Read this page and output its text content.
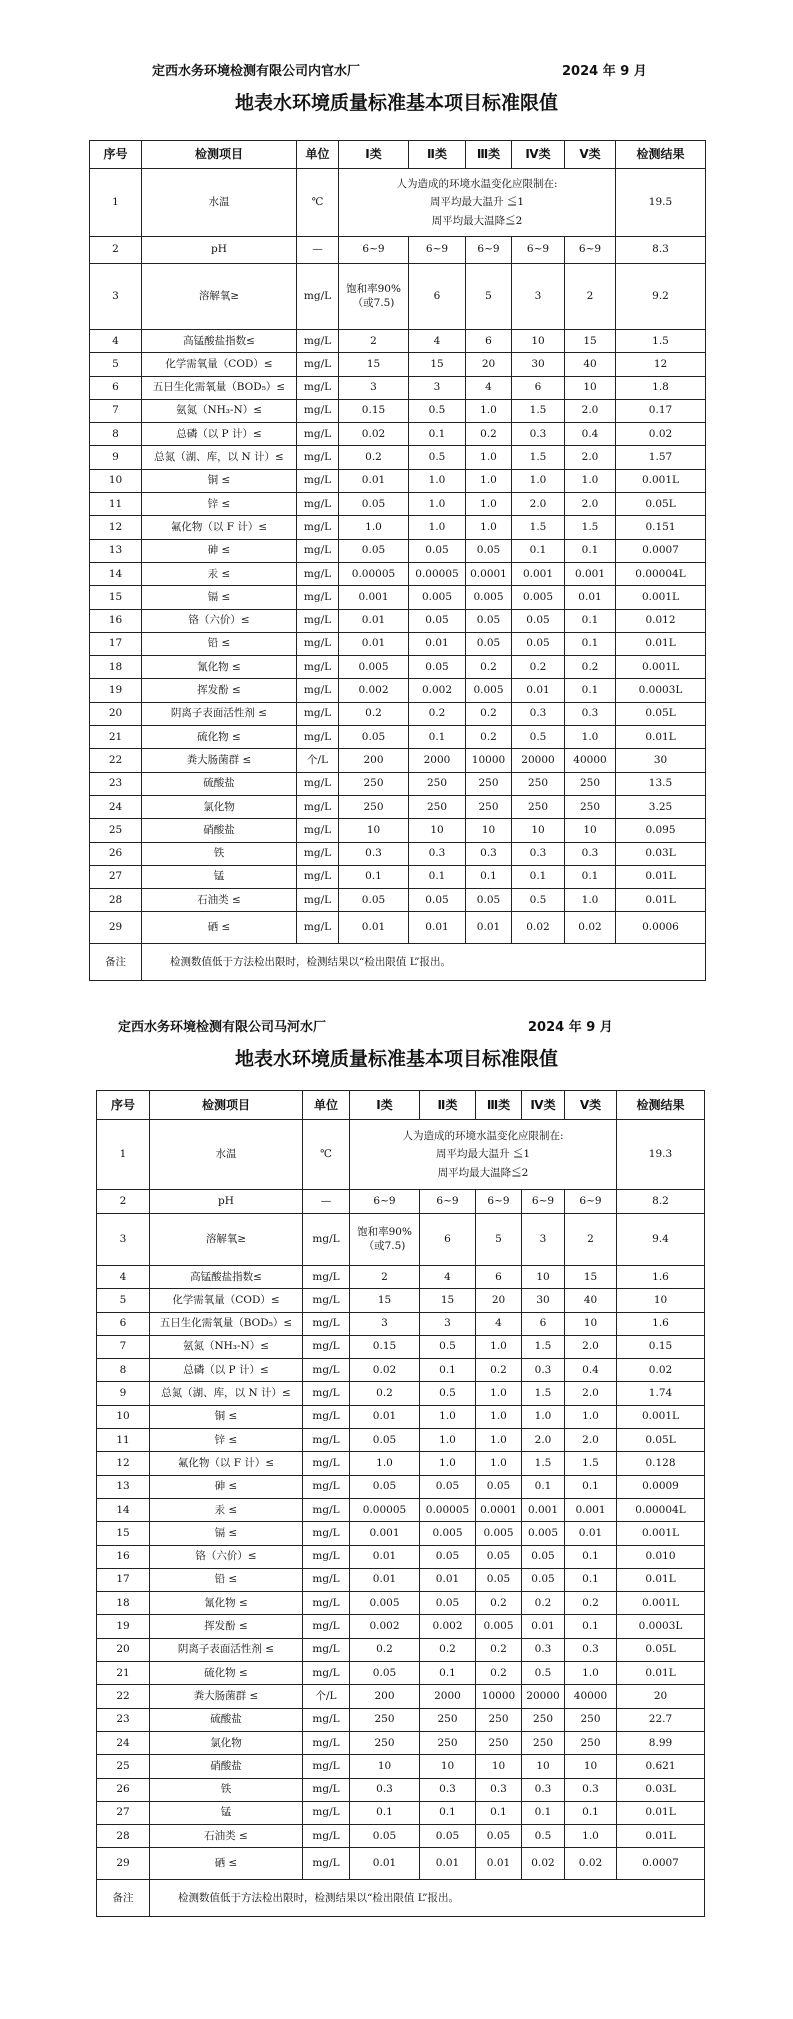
定西水务环境检测有限公司内官水厂	2024 年 9 月
地表水环境质量标准基本项目标准限值
序号	检测项目	单位	Ⅰ类	Ⅱ类	Ⅲ类	Ⅳ类	Ⅴ类	检测结果
1	水温	℃	人为造成的环境水温变化应限制在:
周平均最大温升 ≦1
周平均最大温降≦2					19.5
2	pH	—	6~9	6~9	6~9	6~9	6~9	8.3
3	溶解氧≥	mg/L	饱和率90%（或7.5)	6	5	3	2	9.2
4	高锰酸盐指数≤	mg/L	2	4	6	10	15	1.5
5	化学需氧量（COD）≤	mg/L	15	15	20	30	40	12
6	五日生化需氧量（BOD₅）≤	mg/L	3	3	4	6	10	1.8
7	氨氮（NH₃-N）≤	mg/L	0.15	0.5	1.0	1.5	2.0	0.17
8	总磷（以 P 计）≤	mg/L	0.02	0.1	0.2	0.3	0.4	0.02
9	总氮（湖、库，以 N 计）≤	mg/L	0.2	0.5	1.0	1.5	2.0	1.57
10	铜 ≤	mg/L	0.01	1.0	1.0	1.0	1.0	0.001L
11	锌 ≤	mg/L	0.05	1.0	1.0	2.0	2.0	0.05L
12	氟化物（以 F 计）≤	mg/L	1.0	1.0	1.0	1.5	1.5	0.151
13	砷 ≤	mg/L	0.05	0.05	0.05	0.1	0.1	0.0007
14	汞 ≤	mg/L	0.00005	0.00005	0.0001	0.001	0.001	0.00004L
15	镉 ≤	mg/L	0.001	0.005	0.005	0.005	0.01	0.001L
16	铬（六价）≤	mg/L	0.01	0.05	0.05	0.05	0.1	0.012
17	铅 ≤	mg/L	0.01	0.01	0.05	0.05	0.1	0.01L
18	氰化物 ≤	mg/L	0.005	0.05	0.2	0.2	0.2	0.001L
19	挥发酚 ≤	mg/L	0.002	0.002	0.005	0.01	0.1	0.0003L
20	阴离子表面活性剂 ≤	mg/L	0.2	0.2	0.2	0.3	0.3	0.05L
21	硫化物 ≤	mg/L	0.05	0.1	0.2	0.5	1.0	0.01L
22	粪大肠菌群 ≤	个/L	200	2000	10000	20000	40000	30
23	硫酸盐	mg/L	250	250	250	250	250	13.5
24	氯化物	mg/L	250	250	250	250	250	3.25
25	硝酸盐	mg/L	10	10	10	10	10	0.095
26	铁	mg/L	0.3	0.3	0.3	0.3	0.3	0.03L
27	锰	mg/L	0.1	0.1	0.1	0.1	0.1	0.01L
28	石油类 ≤	mg/L	0.05	0.05	0.05	0.5	1.0	0.01L
29	硒 ≤	mg/L	0.01	0.01	0.01	0.02	0.02	0.0006
备注	检测数值低于方法检出限时，检测结果以“检出限值 L”报出。							
定西水务环境检测有限公司马河水厂	2024 年 9 月
地表水环境质量标准基本项目标准限值
序号	检测项目	单位	Ⅰ类	Ⅱ类	Ⅲ类	Ⅳ类	Ⅴ类	检测结果
1	水温	℃	人为造成的环境水温变化应限制在:
周平均最大温升 ≦1
周平均最大温降≦2					19.3
2	pH	—	6~9	6~9	6~9	6~9	6~9	8.2
3	溶解氧≥	mg/L	饱和率90%（或7.5)	6	5	3	2	9.4
4	高锰酸盐指数≤	mg/L	2	4	6	10	15	1.6
5	化学需氧量（COD）≤	mg/L	15	15	20	30	40	10
6	五日生化需氧量（BOD₅）≤	mg/L	3	3	4	6	10	1.6
7	氨氮（NH₃-N）≤	mg/L	0.15	0.5	1.0	1.5	2.0	0.15
8	总磷（以 P 计）≤	mg/L	0.02	0.1	0.2	0.3	0.4	0.02
9	总氮（湖、库，以 N 计）≤	mg/L	0.2	0.5	1.0	1.5	2.0	1.74
10	铜 ≤	mg/L	0.01	1.0	1.0	1.0	1.0	0.001L
11	锌 ≤	mg/L	0.05	1.0	1.0	2.0	2.0	0.05L
12	氟化物（以 F 计）≤	mg/L	1.0	1.0	1.0	1.5	1.5	0.128
13	砷 ≤	mg/L	0.05	0.05	0.05	0.1	0.1	0.0009
14	汞 ≤	mg/L	0.00005	0.00005	0.0001	0.001	0.001	0.00004L
15	镉 ≤	mg/L	0.001	0.005	0.005	0.005	0.01	0.001L
16	铬（六价）≤	mg/L	0.01	0.05	0.05	0.05	0.1	0.010
17	铅 ≤	mg/L	0.01	0.01	0.05	0.05	0.1	0.01L
18	氰化物 ≤	mg/L	0.005	0.05	0.2	0.2	0.2	0.001L
19	挥发酚 ≤	mg/L	0.002	0.002	0.005	0.01	0.1	0.0003L
20	阴离子表面活性剂 ≤	mg/L	0.2	0.2	0.2	0.3	0.3	0.05L
21	硫化物 ≤	mg/L	0.05	0.1	0.2	0.5	1.0	0.01L
22	粪大肠菌群 ≤	个/L	200	2000	10000	20000	40000	20
23	硫酸盐	mg/L	250	250	250	250	250	22.7
24	氯化物	mg/L	250	250	250	250	250	8.99
25	硝酸盐	mg/L	10	10	10	10	10	0.621
26	铁	mg/L	0.3	0.3	0.3	0.3	0.3	0.03L
27	锰	mg/L	0.1	0.1	0.1	0.1	0.1	0.01L
28	石油类 ≤	mg/L	0.05	0.05	0.05	0.5	1.0	0.01L
29	硒 ≤	mg/L	0.01	0.01	0.01	0.02	0.02	0.0007
备注	检测数值低于方法检出限时，检测结果以“检出限值 L”报出。							
